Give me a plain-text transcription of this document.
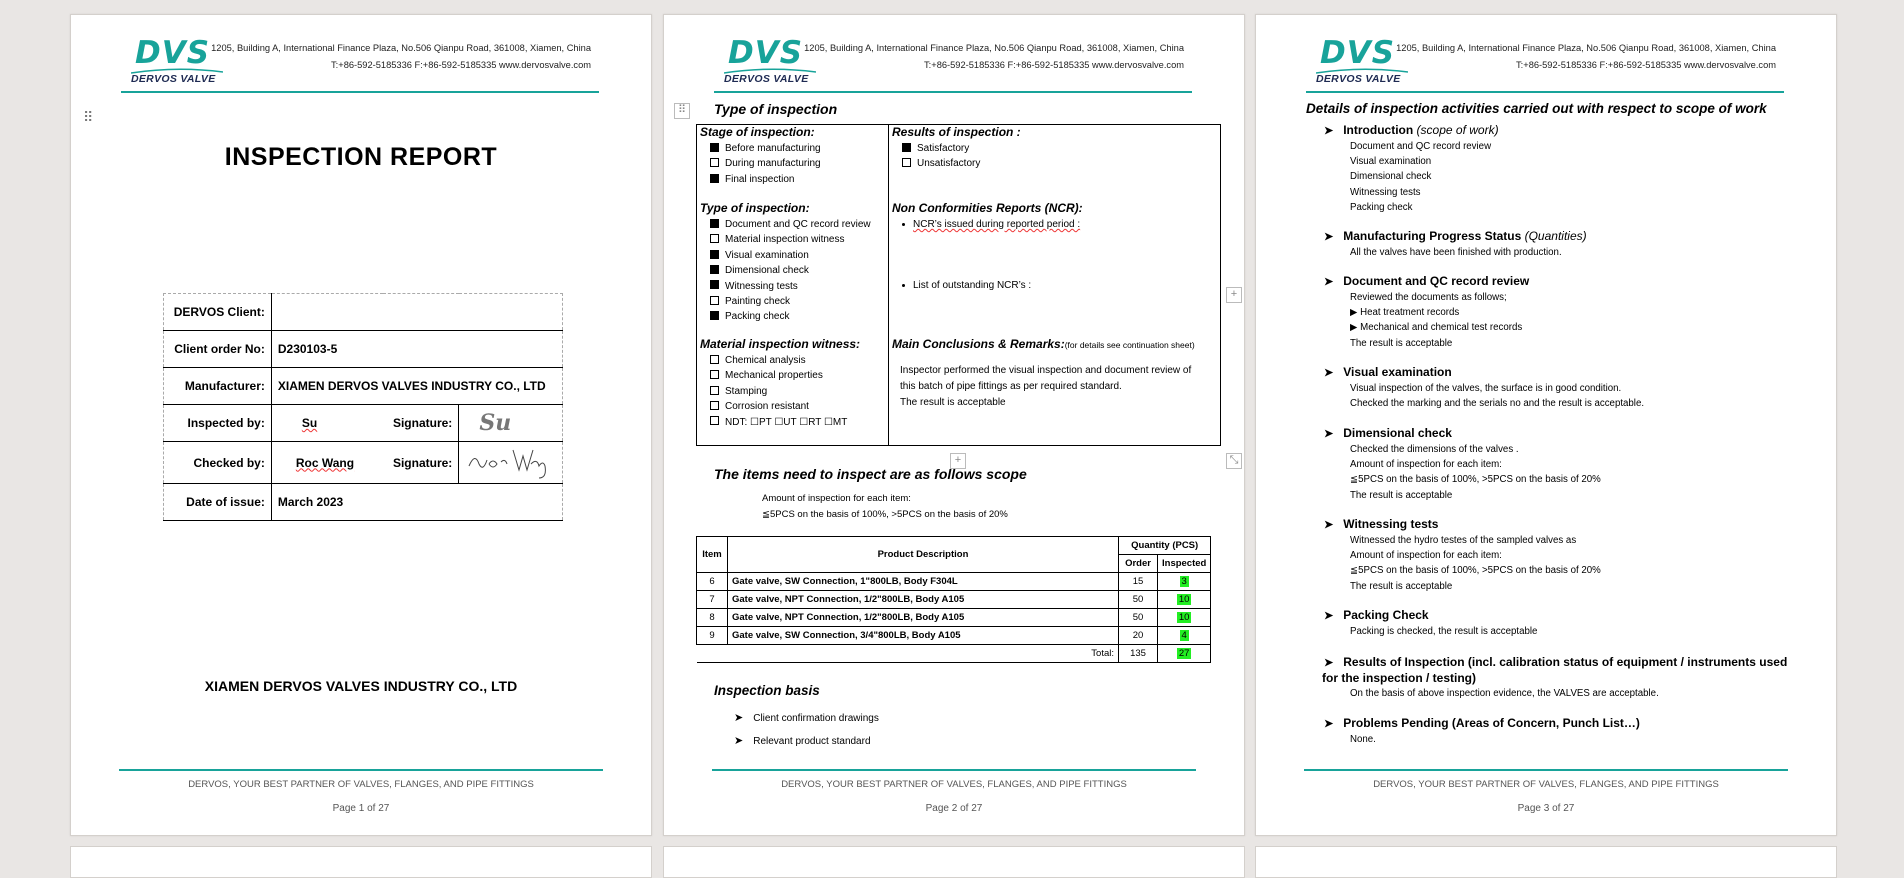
DVS
DERVOS VALVE
1205, Building A, International Finance Plaza, No.506 Qianpu Road, 361008, Xiamen, China
T:+86-592-5185336 F:+86-592-5185335 www.dervosvalve.com
⠿
INSPECTION REPORT
DERVOS Client:			
Client order No:	D230103-5		
Manufacturer:	XIAMEN DERVOS VALVES INDUSTRY CO., LTD		
Inspected by:	Su	Signature:	Su
Checked by:	Roc Wang	Signature:	
Date of issue:	March 2023		
XIAMEN DERVOS VALVES INDUSTRY CO., LTD
DERVOS, YOUR BEST PARTNER OF VALVES, FLANGES, AND PIPE FITTINGS
Page 1 of 27
DVS
DERVOS VALVE
1205, Building A, International Finance Plaza, No.506 Qianpu Road, 361008, Xiamen, China
T:+86-592-5185336 F:+86-592-5185335 www.dervosvalve.com
⠿ Type of inspection
Stage of inspection:
Before manufacturing
During manufacturing
Final inspection
Type of inspection:
Document and QC record review
Material inspection witness
Visual examination
Dimensional check
Witnessing tests
Painting check
Packing check
Material inspection witness:
Chemical analysis
Mechanical properties
Stamping
Corrosion resistant
NDT: ☐PT ☐UT ☐RT ☐MT
Results of inspection :
Satisfactory
Unsatisfactory
Non Conformities Reports (NCR):
NCR’s issued during reported period :
List of outstanding NCR’s :
Main Conclusions & Remarks:(for details see continuation sheet)
Inspector performed the visual inspection and document review of
this batch of pipe fittings as per required standard.
The result is acceptable
+
+	⤡
The items need to inspect are as follows scope
Amount of inspection for each item:
≦5PCS on the basis of 100%, >5PCS on the basis of 20%
Item	Product Description	Quantity (PCS)	
		Order	Inspected
6	Gate valve, SW Connection, 1"800LB, Body F304L	15	3
7	Gate valve, NPT Connection, 1/2"800LB, Body A105	50	10
8	Gate valve, NPT Connection, 1/2"800LB, Body A105	50	10
9	Gate valve, SW Connection, 3/4"800LB, Body A105	20	4
Total:		135	27
Inspection basis
➤ Client confirmation drawings
➤ Relevant product standard
DERVOS, YOUR BEST PARTNER OF VALVES, FLANGES, AND PIPE FITTINGS
Page 2 of 27
DVS
DERVOS VALVE
1205, Building A, International Finance Plaza, No.506 Qianpu Road, 361008, Xiamen, China
T:+86-592-5185336 F:+86-592-5185335 www.dervosvalve.com
Details of inspection activities carried out with respect to scope of work
➤ Introduction (scope of work)
Document and QC record review
Visual examination
Dimensional check
Witnessing tests
Packing check
➤ Manufacturing Progress Status (Quantities)
All the valves have been finished with production.
➤ Document and QC record review
Reviewed the documents as follows;
▶ Heat treatment records
▶ Mechanical and chemical test records
The result is acceptable
➤ Visual examination
Visual inspection of the valves, the surface is in good condition.
Checked the marking and the serials no and the result is acceptable.
➤ Dimensional check
Checked the dimensions of the valves .
Amount of inspection for each item:
≦5PCS on the basis of 100%, >5PCS on the basis of 20%
The result is acceptable
➤ Witnessing tests
Witnessed the hydro testes of the sampled valves as
Amount of inspection for each item:
≦5PCS on the basis of 100%, >5PCS on the basis of 20%
The result is acceptable
➤ Packing Check
Packing is checked, the result is acceptable
➤ Results of Inspection (incl. calibration status of equipment / instruments used
for the inspection / testing)
On the basis of above inspection evidence, the VALVES are acceptable.
➤ Problems Pending (Areas of Concern, Punch List…)
None.
DERVOS, YOUR BEST PARTNER OF VALVES, FLANGES, AND PIPE FITTINGS
Page 3 of 27
